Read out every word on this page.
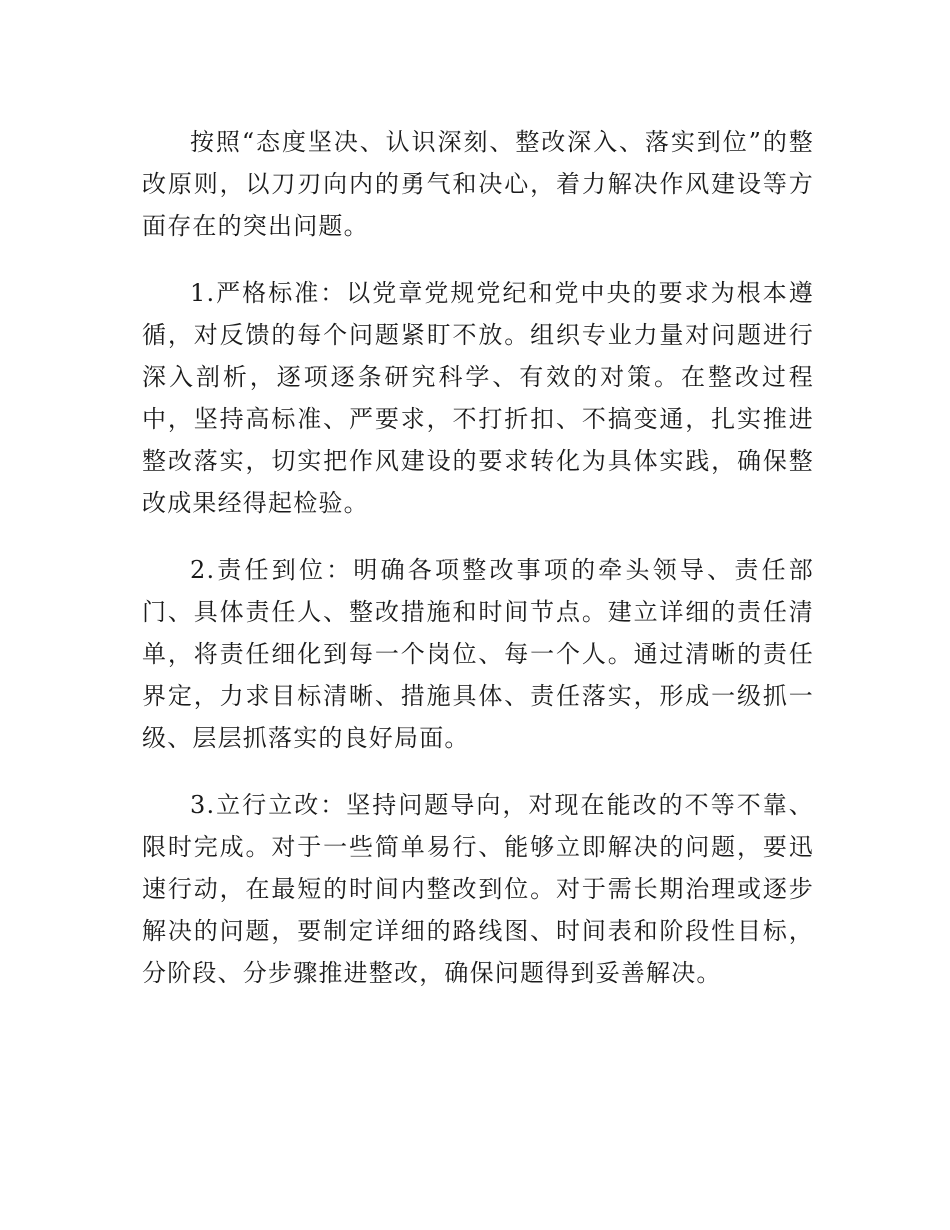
按照“态度坚决、认识深刻、整改深入、落实到位”的整改原则，以刀刃向内的勇气和决心，着力解决作风建设等方面存在的突出问题。

1.严格标准：以党章党规党纪和党中央的要求为根本遵循，对反馈的每个问题紧盯不放。组织专业力量对问题进行深入剖析，逐项逐条研究科学、有效的对策。在整改过程中，坚持高标准、严要求，不打折扣、不搞变通，扎实推进整改落实，切实把作风建设的要求转化为具体实践，确保整改成果经得起检验。

2.责任到位：明确各项整改事项的牵头领导、责任部门、具体责任人、整改措施和时间节点。建立详细的责任清单，将责任细化到每一个岗位、每一个人。通过清晰的责任界定，力求目标清晰、措施具体、责任落实，形成一级抓一级、层层抓落实的良好局面。

3.立行立改：坚持问题导向，对现在能改的不等不靠、限时完成。对于一些简单易行、能够立即解决的问题，要迅速行动，在最短的时间内整改到位。对于需长期治理或逐步解决的问题，要制定详细的路线图、时间表和阶段性目标，分阶段、分步骤推进整改，确保问题得到妥善解决。
